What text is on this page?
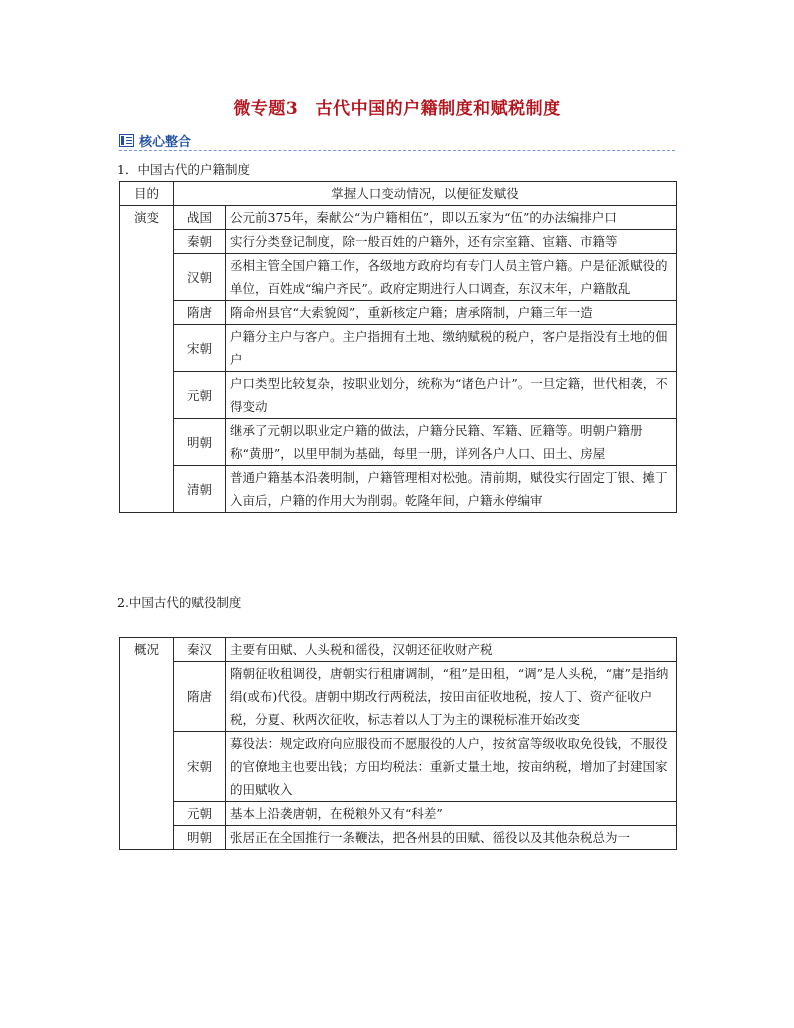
微专题3　古代中国的户籍制度和赋税制度
核心整合
1．中国古代的户籍制度
目的	掌握人口变动情况，以便征发赋役	
演变	战国	公元前375年，秦献公“为户籍相伍”，即以五家为“伍”的办法编排户口
	秦朝	实行分类登记制度，除一般百姓的户籍外，还有宗室籍、宦籍、市籍等
	汉朝	丞相主管全国户籍工作，各级地方政府均有专门人员主管户籍。户是征派赋役的单位，百姓成“编户齐民”。政府定期进行人口调查，东汉末年，户籍散乱
	隋唐	隋命州县官“大索貌阅”，重新核定户籍；唐承隋制，户籍三年一造
	宋朝	户籍分主户与客户。主户指拥有土地、缴纳赋税的税户，客户是指没有土地的佃户
	元朝	户口类型比较复杂，按职业划分，统称为“诸色户计”。一旦定籍，世代相袭，不得变动
	明朝	继承了元朝以职业定户籍的做法，户籍分民籍、军籍、匠籍等。明朝户籍册称“黄册”，以里甲制为基础，每里一册，详列各户人口、田土、房屋
	清朝	普通户籍基本沿袭明制，户籍管理相对松弛。清前期，赋役实行固定丁银、摊丁入亩后，户籍的作用大为削弱。乾隆年间，户籍永停编审
2.中国古代的赋役制度
概况	秦汉	主要有田赋、人头税和徭役，汉朝还征收财产税
	隋唐	隋朝征收租调役，唐朝实行租庸调制，“租”是田租，“调”是人头税，“庸”是指纳绢(或布)代役。唐朝中期改行两税法，按田亩征收地税，按人丁、资产征收户税，分夏、秋两次征收，标志着以人丁为主的课税标准开始改变
	宋朝	募役法：规定政府向应服役而不愿服役的人户，按贫富等级收取免役钱，不服役的官僚地主也要出钱；方田均税法：重新丈量土地，按亩纳税，增加了封建国家的田赋收入
	元朝	基本上沿袭唐朝，在税粮外又有“科差”
	明朝	张居正在全国推行一条鞭法，把各州县的田赋、徭役以及其他杂税总为一
